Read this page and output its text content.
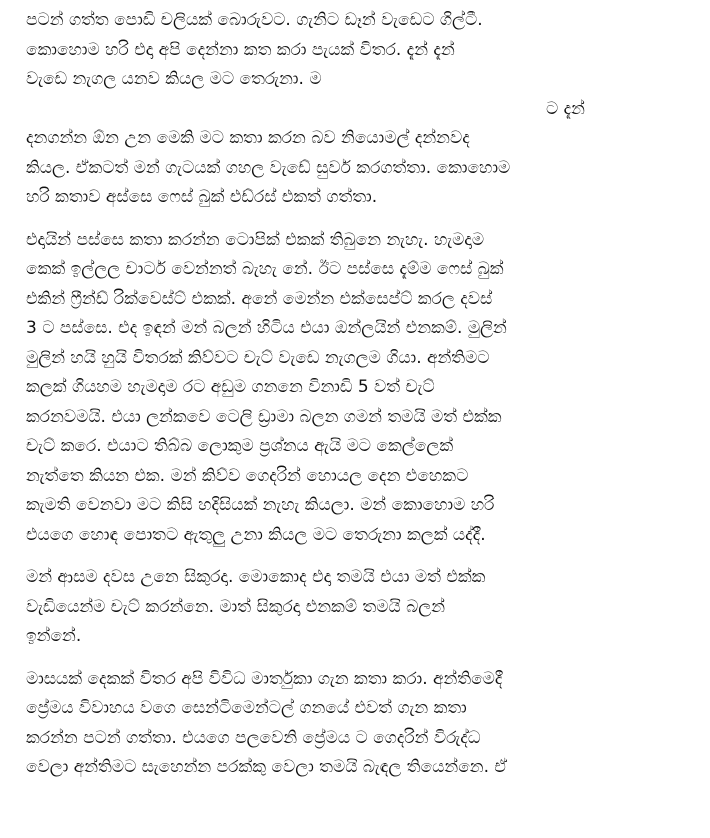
පටන් ගත්ත පොඩි චලියක් බොරුවට. ගැනිට ඩෑන් වැඩෙට ගිල්ටී.
කොහොම හරි එදා අපි දෙන්නා කත කරා පැයක් විතර. දැන් දැන්
වැඩෙ නැගල යනව කියල මට තෙරුනා. ම
ට දැන්
දනගන්න ඕන උන මෙකි මට කතා කරන බව නියොමල් දන්නවද
කියල. ඒකටත් මන් ගැටයක් ගහල වැඩේ සුවර් කරගත්තා. කොහොම
හරි කතාව අස්සෙ ෆෙස් බුක් එඩ්රස් එකත් ගත්තා.
එදායින් පස්සෙ කතා කරන්න ටොපික් එකක් තිබුනෙ නැහැ. හැමදාම
කෙක් ඉල්ලල චාටර් වෙන්නත් බැහැ නේ. ඊට පස්සෙ දැම්ම ෆෙස් බුක්
එකින් ෆ්‍රීන්ඩ් රික්වෙස්ට් එකක්. අනේ මෙන්න එක්සෙප්ට් කරල දවස්
3 ට පස්සෙ. එද ඉඳන් මන් බලන් හිටිය එයා ඔන්ලයින් එනකම්. මුලින්
මුලින් හයි හුයි විතරක් කිව්වට චැට් වැඩෙ නැගලම ගියා. අන්තිමට
කලක් ගියහම හැමදාම රට අඩුම ගනනෙ විනාඩි 5 වත් චැට්
කරනවමයි. එයා ලන්කවෙ ටෙලි ඩ්‍රාමා බලන ගමන් තමයි මත් එක්ක
චැට් කරෙ. එයාට තිබ්බ ලොකුම ප්‍රශ්නය ඇයි මට කෙල්ලෙක්
නැත්තෙ කියන එක. මන් කිව්ව ගෙදරින් හොයල දෙන එහෙකට
කැමති වෙනවා මට කිසි හදිසියක් නැහැ කියලා. මන් කොහොම හරි
එයගෙ හොඳ පොතට ඇතුලු උනා කියල මට තෙරුනා කලක් යද්දී.
මන් ආසම දවස උනෙ සිකුරදා. මොකොද එදා තමයි එයා මත් එක්ක
වැඩියෙන්ම චැට් කරන්නෙ. මාත් සිකුරදා එනකම් තමයි බලන්
ඉන්නේ.
මාසයක් දෙකක් විතර අපි විවිධ මාර්තුකා ගැන කතා කරා. අන්තිමෙදී
ප්‍රේමය විවාහය වගෙ සෙන්ටිමෙන්ටල් ගනයේ එවත් ගැන කතා
කරන්න පටන් ගත්තා. එයගෙ පලවෙනි ප්‍රේමය ට ගෙදරින් විරුද්ධ
වෙලා අන්තිමට සැහෙන්න පරක්කු වෙලා තමයි බැඳල තියෙන්නෙ. ඒ
